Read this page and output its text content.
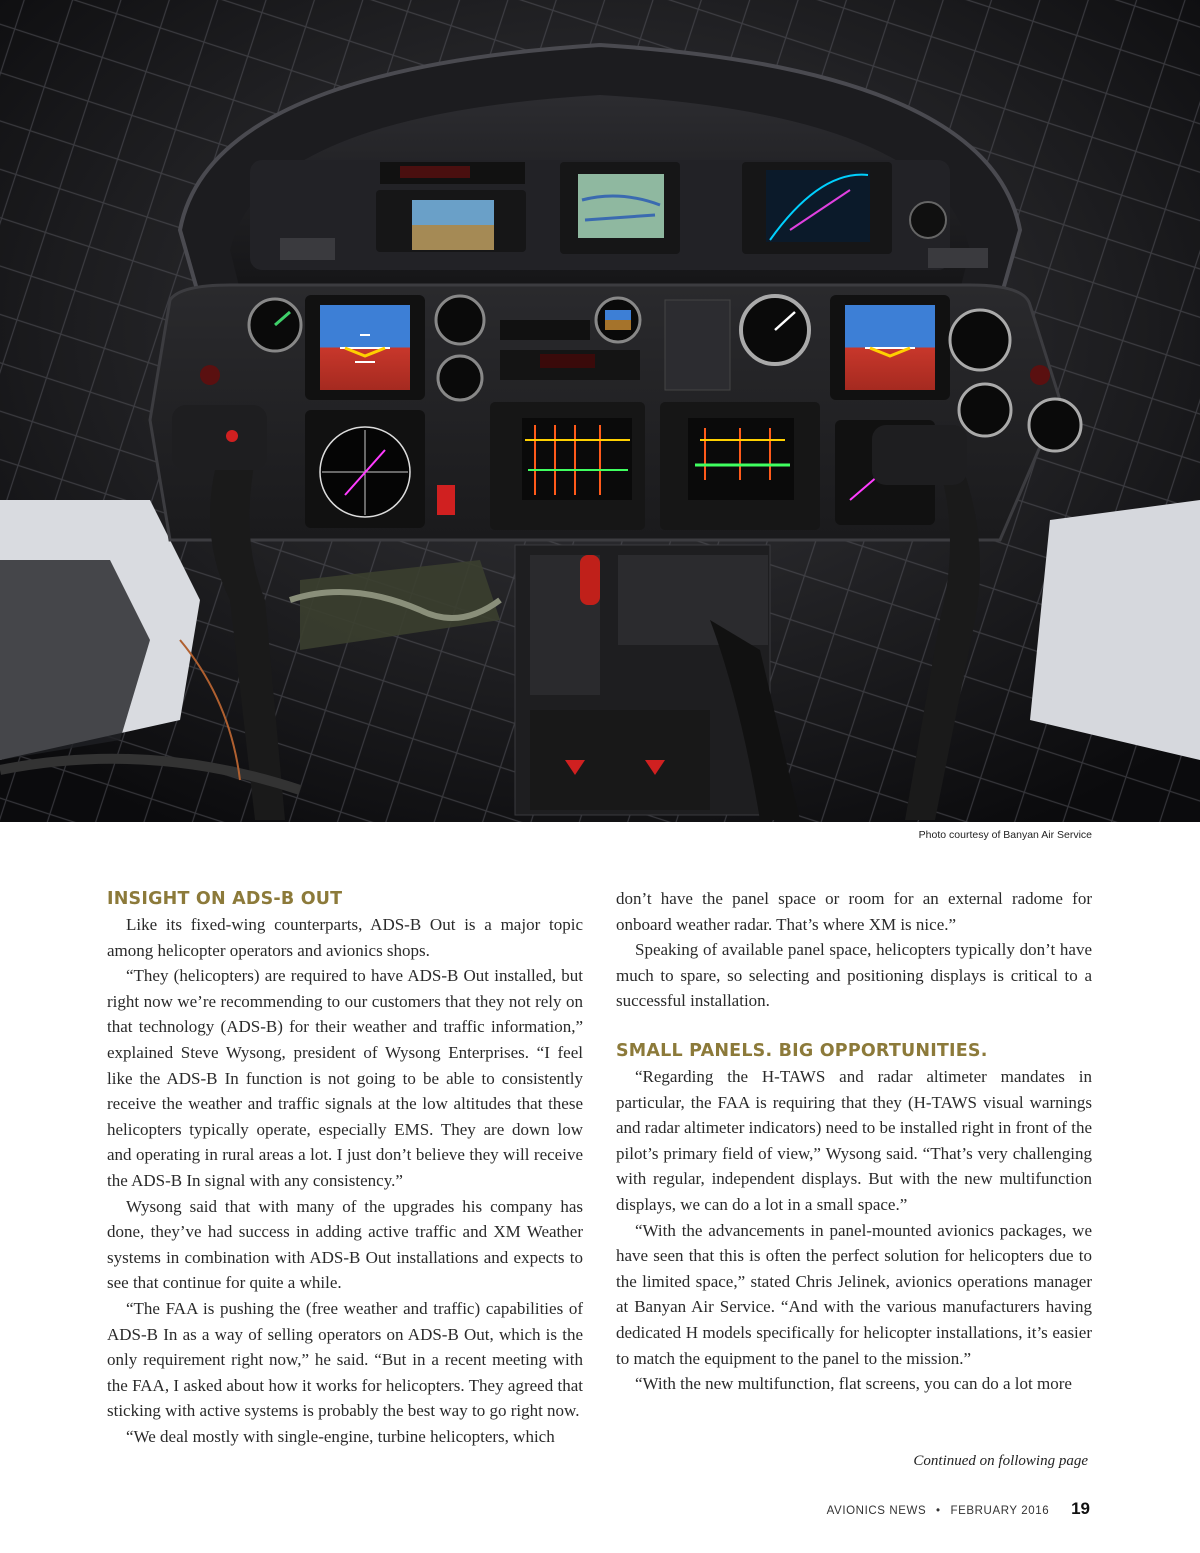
Photo courtesy of Banyan Air Service
INSIGHT ON ADS-B OUT

Like its fixed-wing counterparts, ADS-B Out is a major topic among helicopter operators and avionics shops.

“They (helicopters) are required to have ADS-B Out installed, but right now we’re recommending to our customers that they not rely on that technology (ADS-B) for their weather and traffic information,” explained Steve Wysong, president of Wysong Enterprises. “I feel like the ADS-B In function is not going to be able to consistently receive the weather and traffic signals at the low altitudes that these helicopters typically operate, especially EMS. They are down low and operating in rural areas a lot. I just don’t believe they will receive the ADS-B In signal with any consistency.”

Wysong said that with many of the upgrades his company has done, they’ve had success in adding active traffic and XM Weather systems in combination with ADS-B Out installations and expects to see that continue for quite a while.

“The FAA is pushing the (free weather and traffic) capabilities of ADS-B In as a way of selling operators on ADS-B Out, which is the only requirement right now,” he said. “But in a recent meeting with the FAA, I asked about how it works for helicopters. They agreed that sticking with active systems is probably the best way to go right now.

“We deal mostly with single-engine, turbine helicopters, which

don’t have the panel space or room for an external radome for onboard weather radar. That’s where XM is nice.”

Speaking of available panel space, helicopters typically don’t have much to spare, so selecting and positioning displays is critical to a successful installation.

SMALL PANELS. BIG OPPORTUNITIES.

“Regarding the H-TAWS and radar altimeter mandates in particular, the FAA is requiring that they (H-TAWS visual warnings and radar altimeter indicators) need to be installed right in front of the pilot’s primary field of view,” Wysong said. “That’s very challenging with regular, independent displays. But with the new multifunction displays, we can do a lot in a small space.”

“With the advancements in panel-mounted avionics packages, we have seen that this is often the perfect solution for helicopters due to the limited space,” stated Chris Jelinek, avionics operations manager at Banyan Air Service. “And with the various manufacturers having dedicated H models specifically for helicopter installations, it’s easier to match the equipment to the panel to the mission.”

“With the new multifunction, flat screens, you can do a lot more

Continued on following page
AVIONICS NEWS • FEBRUARY 2016 19
